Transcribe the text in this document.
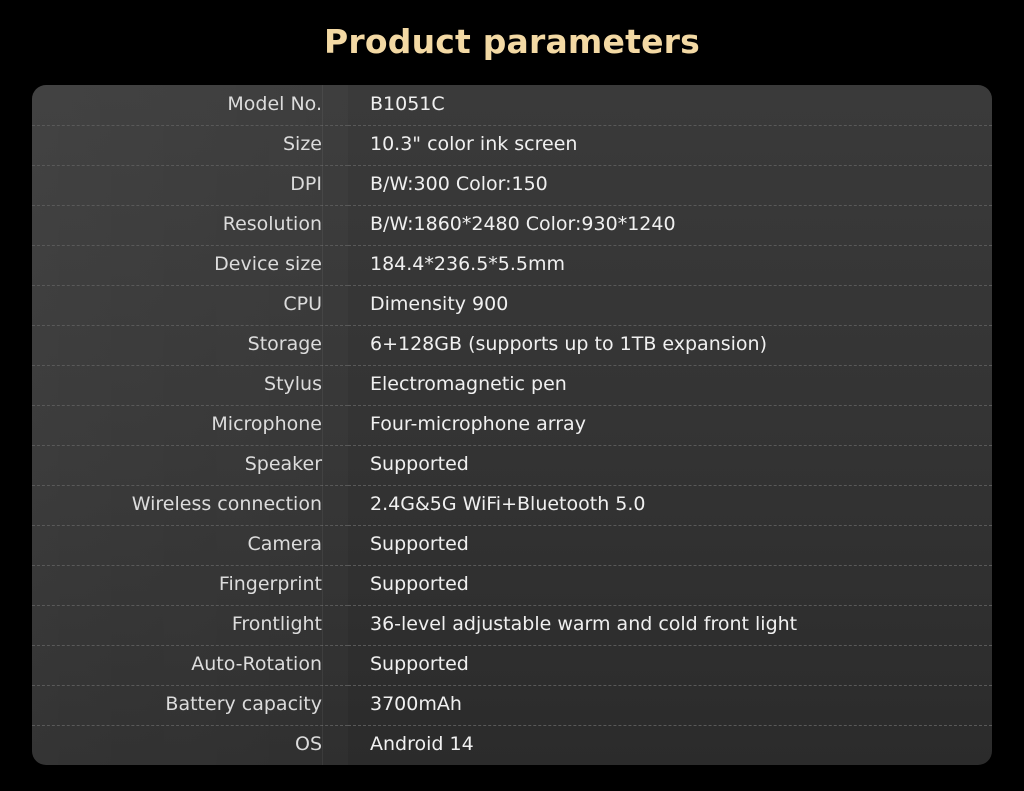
Product parameters
Model No.	B1051C
Size	10.3" color ink screen
DPI	B/W:300 Color:150
Resolution	B/W:1860*2480 Color:930*1240
Device size	184.4*236.5*5.5mm
CPU	Dimensity 900
Storage	6+128GB (supports up to 1TB expansion)
Stylus	Electromagnetic pen
Microphone	Four-microphone array
Speaker	Supported
Wireless connection	2.4G&5G WiFi+Bluetooth 5.0
Camera	Supported
Fingerprint	Supported
Frontlight	36-level adjustable warm and cold front light
Auto-Rotation	Supported
Battery capacity	3700mAh
OS	Android 14
